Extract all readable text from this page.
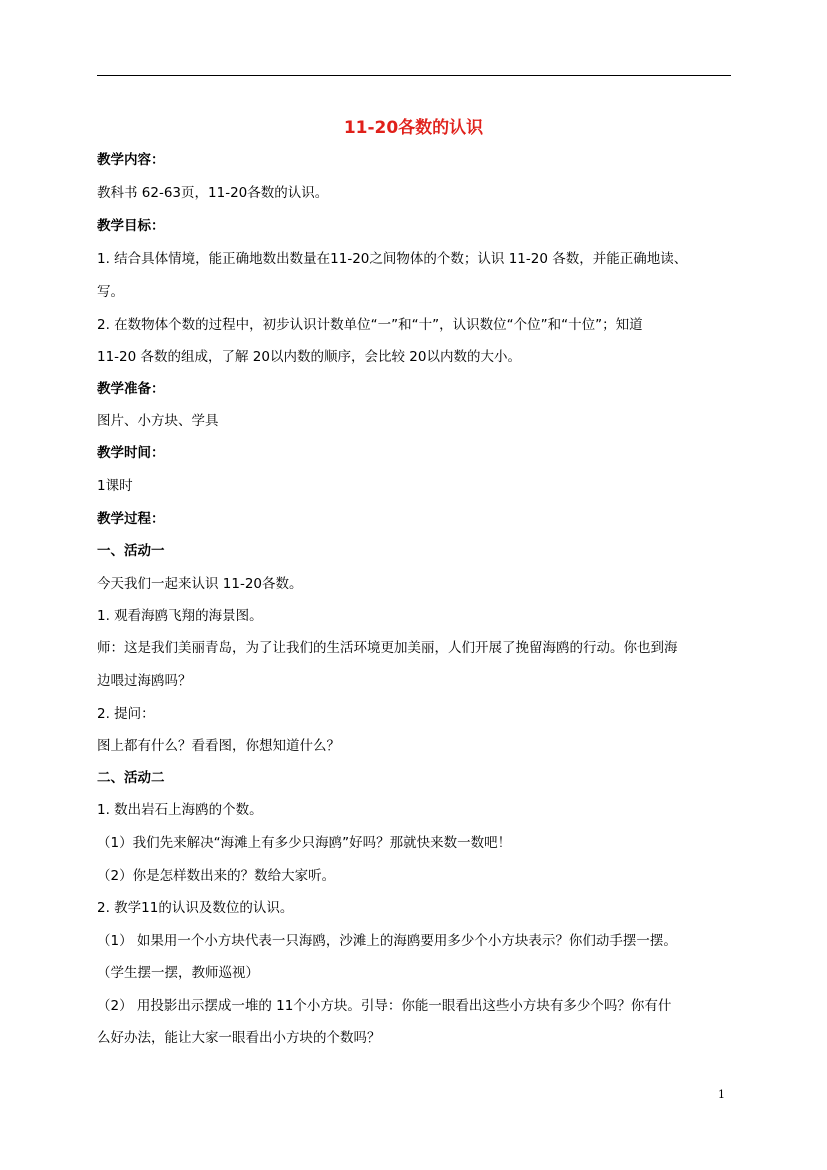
11-20各数的认识
教学内容：
教科书 62-63页，11-20各数的认识。
教学目标：
1. 结合具体情境，能正确地数出数量在11-20之间物体的个数；认识 11-20 各数，并能正确地读、
写。
2. 在数物体个数的过程中，初步认识计数单位“一”和“十”，认识数位“个位”和“十位”；知道
11-20 各数的组成，了解 20以内数的顺序，会比较 20以内数的大小。
教学准备：
图片、小方块、学具
教学时间：
1课时
教学过程：
一、活动一
今天我们一起来认识 11-20各数。
1. 观看海鸥飞翔的海景图。
师：这是我们美丽青岛，为了让我们的生活环境更加美丽，人们开展了挽留海鸥的行动。你也到海
边喂过海鸥吗？
2. 提问：
图上都有什么？看看图，你想知道什么？
二、活动二
1. 数出岩石上海鸥的个数。
（1）我们先来解决“海滩上有多少只海鸥”好吗？那就快来数一数吧！
（2）你是怎样数出来的？数给大家听。
2. 教学11的认识及数位的认识。
（1） 如果用一个小方块代表一只海鸥，沙滩上的海鸥要用多少个小方块表示？你们动手摆一摆。
（学生摆一摆，教师巡视）
（2） 用投影出示摆成一堆的 11个小方块。引导：你能一眼看出这些小方块有多少个吗？你有什
么好办法，能让大家一眼看出小方块的个数吗？
1
